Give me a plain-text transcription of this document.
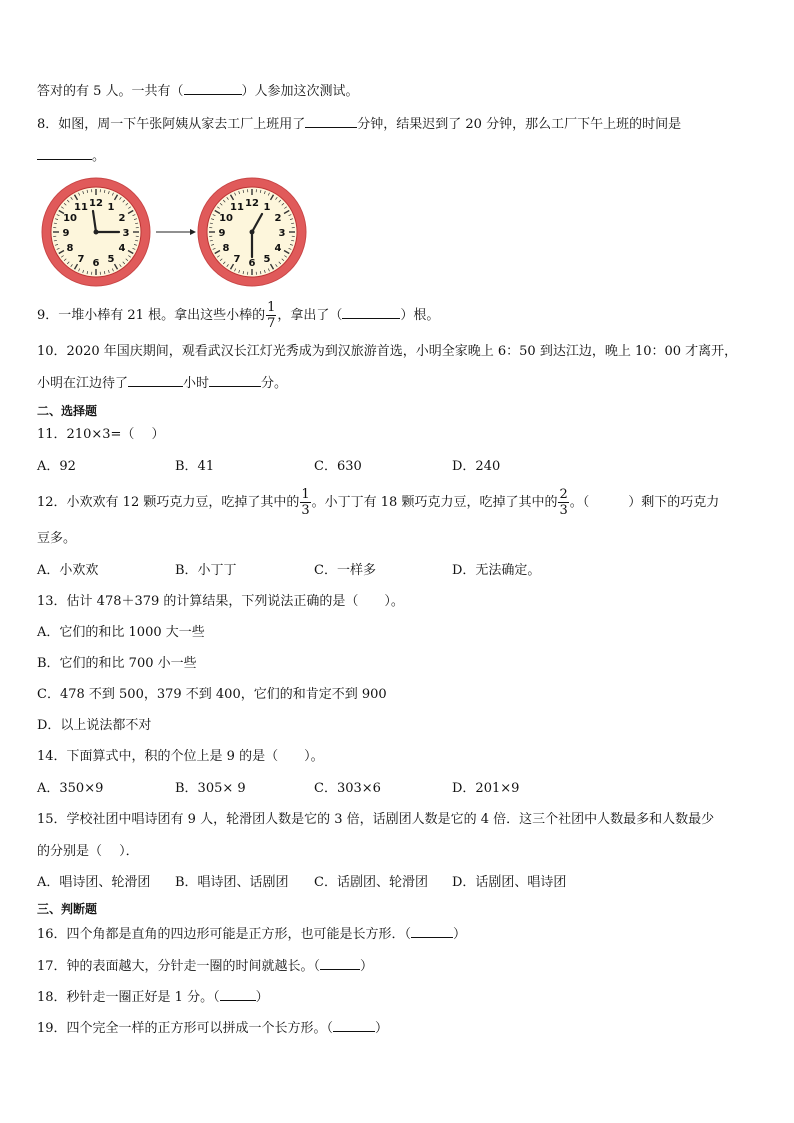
答对的有 5 人。一共有（	）人参加这次测试。
8．如图，周一下午张阿姨从家去工厂上班用了	分钟，结果迟到了 20 分钟，那么工厂下午上班的时间是
。
12 1
2
3
4
5
6
7
8
9
10
11	12 1
2
3
4
5
6
7
8
9
10
11
9．一堆小棒有 21 根。拿出这些小棒的 $\frac{1}{7}$ ，拿出了（	）根。
10．2020 年国庆期间，观看武汉长江灯光秀成为到汉旅游首选，小明全家晚上 6：50 到达江边，晚上 10：00 才离开，
小明在江边待了	小时	分。
二、选择题
11．210×3=（　 ）
A．92	B．41	C．630	D．240
12．小欢欢有 12 颗巧克力豆，吃掉了其中的 $\frac{1}{3}$ 。小丁丁有 18 颗巧克力豆，吃掉了其中的 $\frac{2}{3}$ 。（　　　）剩下的巧克力
豆多。
A．小欢欢	B．小丁丁	C．一样多	D．无法确定。
13．估计 478＋379 的计算结果，下列说法正确的是（　　）。
A．它们的和比 1000 大一些
B．它们的和比 700 小一些
C．478 不到 500，379 不到 400，它们的和肯定不到 900
D．以上说法都不对
14．下面算式中，积的个位上是 9 的是（　　）。
A．350×9	B．305× 9	C．303×6	D．201×9
15．学校社团中唱诗团有 9 人，轮滑团人数是它的 3 倍，话剧团人数是它的 4 倍．这三个社团中人数最多和人数最少
的分别是（　 ）．
A．唱诗团、轮滑团 B．唱诗团、话剧团 C．话剧团、轮滑团 D．话剧团、唱诗团
三、判断题
16．四个角都是直角的四边形可能是正方形，也可能是长方形．（	）
17．钟的表面越大，分针走一圈的时间就越长。（	）
18．秒针走一圈正好是 1 分。（	）
19．四个完全一样的正方形可以拼成一个长方形。（	）
